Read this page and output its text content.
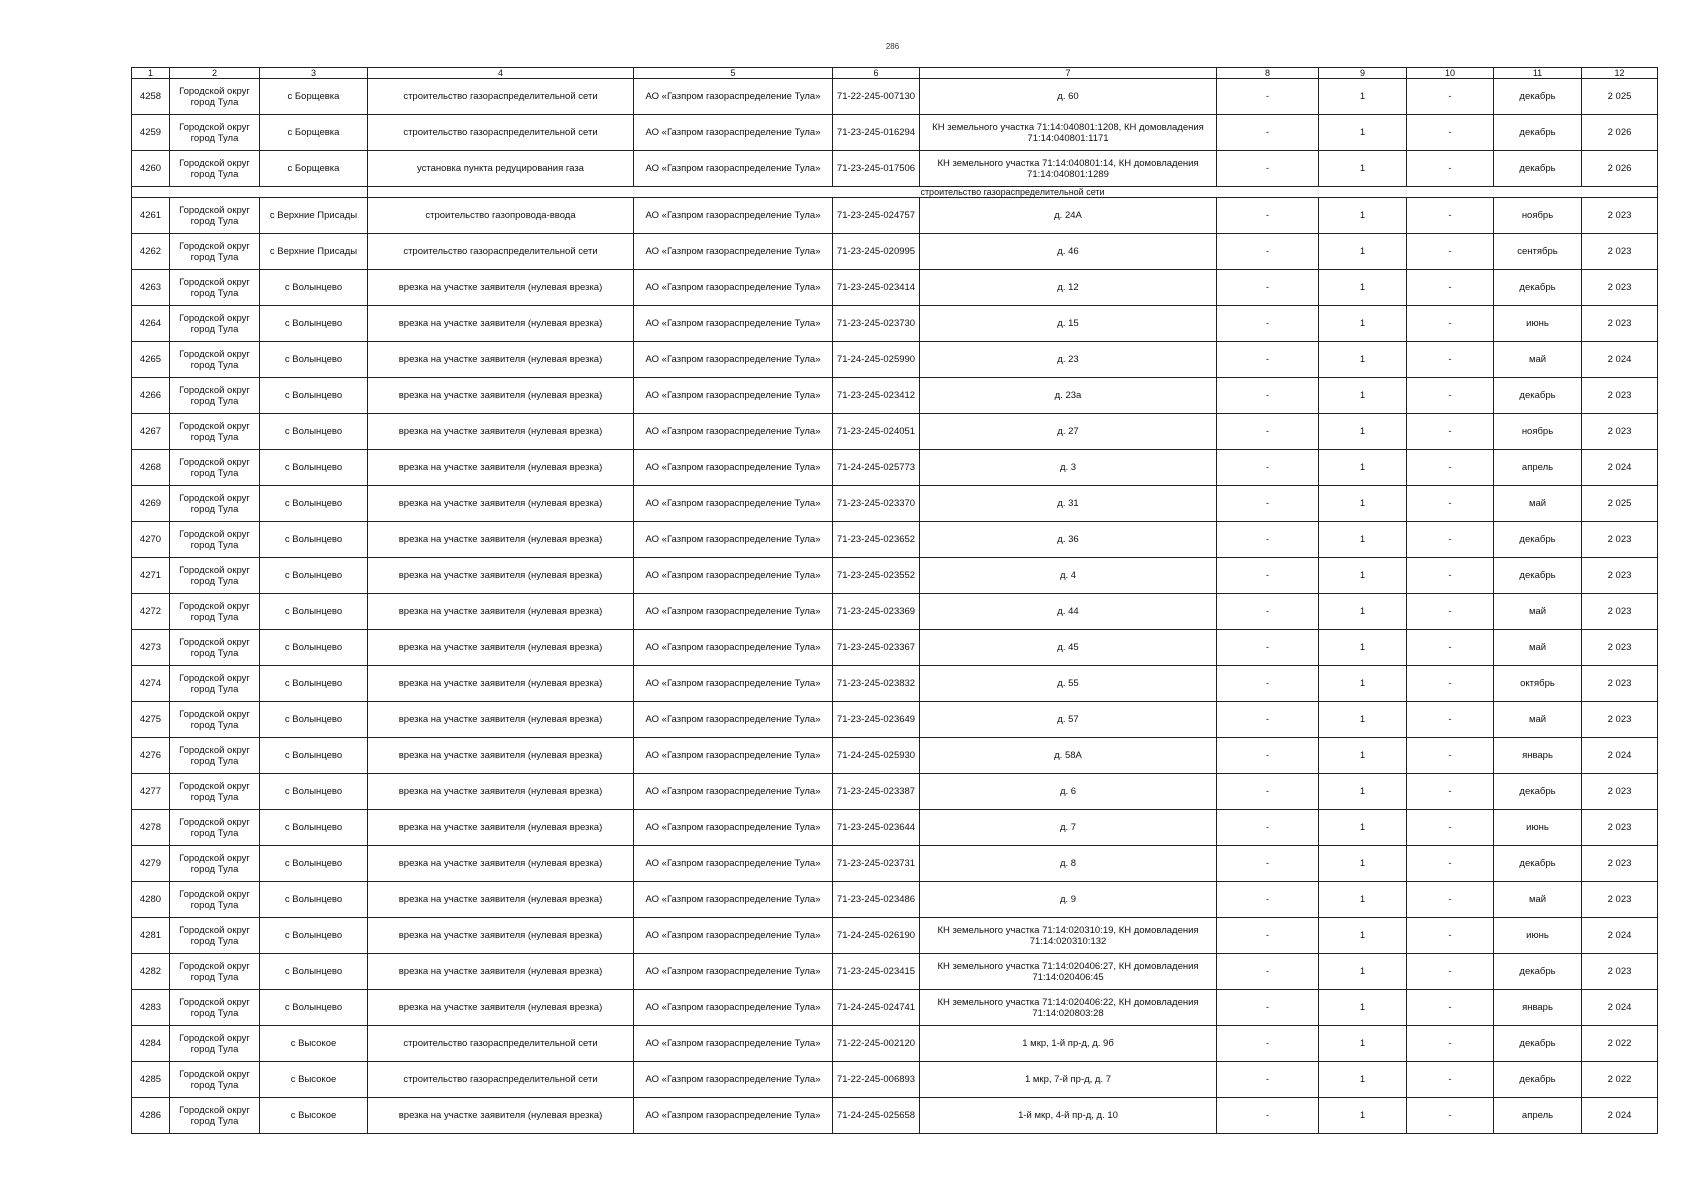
286
1	2	3	4	5	6	7	8	9	10	11	12
4258	Городской округ город Тула	с Борщевка	строительство газораспределительной сети	АО «Газпром газораспределение Тула»	71-22-245-007130	д. 60	-	1	-	декабрь	2 025
4259	Городской округ город Тула	с Борщевка	строительство газораспределительной сети	АО «Газпром газораспределение Тула»	71-23-245-016294	КН земельного участка 71:14:040801:1208, КН домовладения 71:14:040801:1171	-	1	-	декабрь	2 026
4260	Городской округ город Тула	с Борщевка	установка пункта редуцирования газа	АО «Газпром газораспределение Тула»	71-23-245-017506	КН земельного участка 71:14:040801:14, КН домовладения 71:14:040801:1289	-	1	-	декабрь	2 026
			строительство газораспределительной сети								
4261	Городской округ город Тула	с Верхние Присады	строительство газопровода-ввода	АО «Газпром газораспределение Тула»	71-23-245-024757	д. 24А	-	1	-	ноябрь	2 023
4262	Городской округ город Тула	с Верхние Присады	строительство газораспределительной сети	АО «Газпром газораспределение Тула»	71-23-245-020995	д. 46	-	1	-	сентябрь	2 023
4263	Городской округ город Тула	с Волынцево	врезка на участке заявителя (нулевая врезка)	АО «Газпром газораспределение Тула»	71-23-245-023414	д. 12	-	1	-	декабрь	2 023
4264	Городской округ город Тула	с Волынцево	врезка на участке заявителя (нулевая врезка)	АО «Газпром газораспределение Тула»	71-23-245-023730	д. 15	-	1	-	июнь	2 023
4265	Городской округ город Тула	с Волынцево	врезка на участке заявителя (нулевая врезка)	АО «Газпром газораспределение Тула»	71-24-245-025990	д. 23	-	1	-	май	2 024
4266	Городской округ город Тула	с Волынцево	врезка на участке заявителя (нулевая врезка)	АО «Газпром газораспределение Тула»	71-23-245-023412	д. 23а	-	1	-	декабрь	2 023
4267	Городской округ город Тула	с Волынцево	врезка на участке заявителя (нулевая врезка)	АО «Газпром газораспределение Тула»	71-23-245-024051	д. 27	-	1	-	ноябрь	2 023
4268	Городской округ город Тула	с Волынцево	врезка на участке заявителя (нулевая врезка)	АО «Газпром газораспределение Тула»	71-24-245-025773	д. 3	-	1	-	апрель	2 024
4269	Городской округ город Тула	с Волынцево	врезка на участке заявителя (нулевая врезка)	АО «Газпром газораспределение Тула»	71-23-245-023370	д. 31	-	1	-	май	2 025
4270	Городской округ город Тула	с Волынцево	врезка на участке заявителя (нулевая врезка)	АО «Газпром газораспределение Тула»	71-23-245-023652	д. 36	-	1	-	декабрь	2 023
4271	Городской округ город Тула	с Волынцево	врезка на участке заявителя (нулевая врезка)	АО «Газпром газораспределение Тула»	71-23-245-023552	д. 4	-	1	-	декабрь	2 023
4272	Городской округ город Тула	с Волынцево	врезка на участке заявителя (нулевая врезка)	АО «Газпром газораспределение Тула»	71-23-245-023369	д. 44	-	1	-	май	2 023
4273	Городской округ город Тула	с Волынцево	врезка на участке заявителя (нулевая врезка)	АО «Газпром газораспределение Тула»	71-23-245-023367	д. 45	-	1	-	май	2 023
4274	Городской округ город Тула	с Волынцево	врезка на участке заявителя (нулевая врезка)	АО «Газпром газораспределение Тула»	71-23-245-023832	д. 55	-	1	-	октябрь	2 023
4275	Городской округ город Тула	с Волынцево	врезка на участке заявителя (нулевая врезка)	АО «Газпром газораспределение Тула»	71-23-245-023649	д. 57	-	1	-	май	2 023
4276	Городской округ город Тула	с Волынцево	врезка на участке заявителя (нулевая врезка)	АО «Газпром газораспределение Тула»	71-24-245-025930	д. 58А	-	1	-	январь	2 024
4277	Городской округ город Тула	с Волынцево	врезка на участке заявителя (нулевая врезка)	АО «Газпром газораспределение Тула»	71-23-245-023387	д. 6	-	1	-	декабрь	2 023
4278	Городской округ город Тула	с Волынцево	врезка на участке заявителя (нулевая врезка)	АО «Газпром газораспределение Тула»	71-23-245-023644	д. 7	-	1	-	июнь	2 023
4279	Городской округ город Тула	с Волынцево	врезка на участке заявителя (нулевая врезка)	АО «Газпром газораспределение Тула»	71-23-245-023731	д. 8	-	1	-	декабрь	2 023
4280	Городской округ город Тула	с Волынцево	врезка на участке заявителя (нулевая врезка)	АО «Газпром газораспределение Тула»	71-23-245-023486	д. 9	-	1	-	май	2 023
4281	Городской округ город Тула	с Волынцево	врезка на участке заявителя (нулевая врезка)	АО «Газпром газораспределение Тула»	71-24-245-026190	КН земельного участка 71:14:020310:19, КН домовладения 71:14:020310:132	-	1	-	июнь	2 024
4282	Городской округ город Тула	с Волынцево	врезка на участке заявителя (нулевая врезка)	АО «Газпром газораспределение Тула»	71-23-245-023415	КН земельного участка 71:14:020406:27, КН домовладения 71:14:020406:45	-	1	-	декабрь	2 023
4283	Городской округ город Тула	с Волынцево	врезка на участке заявителя (нулевая врезка)	АО «Газпром газораспределение Тула»	71-24-245-024741	КН земельного участка 71:14:020406:22, КН домовладения 71:14:020803:28	-	1	-	январь	2 024
4284	Городской округ город Тула	с Высокое	строительство газораспределительной сети	АО «Газпром газораспределение Тула»	71-22-245-002120	1 мкр, 1-й пр-д, д. 9б	-	1	-	декабрь	2 022
4285	Городской округ город Тула	с Высокое	строительство газораспределительной сети	АО «Газпром газораспределение Тула»	71-22-245-006893	1 мкр, 7-й пр-д, д. 7	-	1	-	декабрь	2 022
4286	Городской округ город Тула	с Высокое	врезка на участке заявителя (нулевая врезка)	АО «Газпром газораспределение Тула»	71-24-245-025658	1-й мкр, 4-й пр-д, д. 10	-	1	-	апрель	2 024
